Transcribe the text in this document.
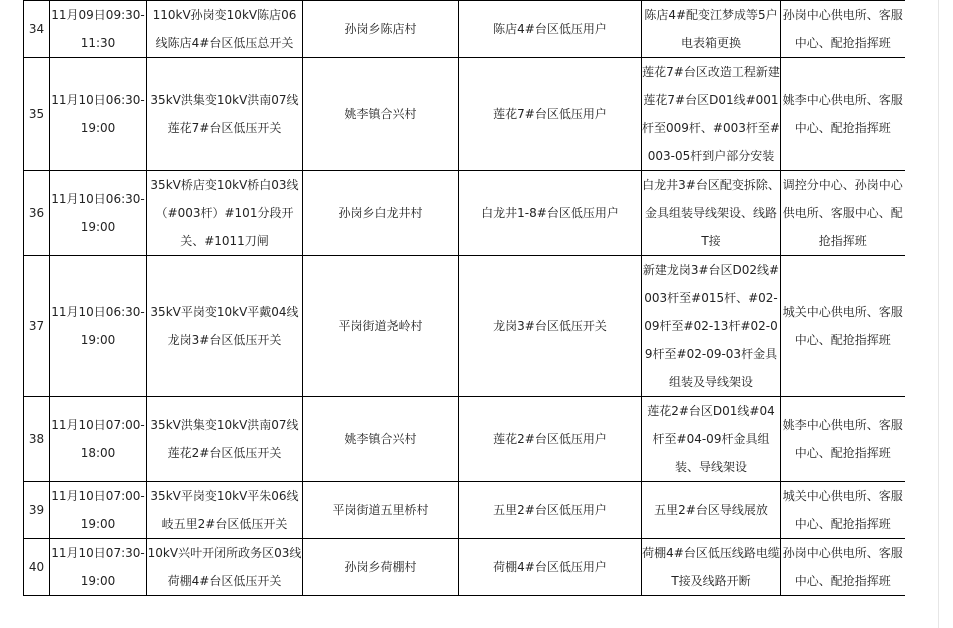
34	11月09日09:30-11:30	110kV孙岗变10kV陈店06线陈店4#台区低压总开关	孙岗乡陈店村	陈店4#台区低压用户	陈店4#配变江梦成等5户电表箱更换	孙岗中心供电所、客服中心、配抢指挥班
35	11月10日06:30-19:00	35kV洪集变10kV洪南07线莲花7#台区低压开关	姚李镇合兴村	莲花7#台区低压用户	莲花7#台区改造工程新建莲花7#台区D01线#001杆至009杆、#003杆至#003-05杆到户部分安装	姚李中心供电所、客服中心、配抢指挥班
36	11月10日06:30-19:00	35kV桥店变10kV桥白03线（#003杆）#101分段开关、#1011刀闸	孙岗乡白龙井村	白龙井1-8#台区低压用户	白龙井3#台区配变拆除、金具组装导线架设、线路T接	调控分中心、孙岗中心供电所、客服中心、配抢指挥班
37	11月10日06:30-19:00	35kV平岗变10kV平戴04线龙岗3#台区低压开关	平岗街道尧岭村	龙岗3#台区低压开关	新建龙岗3#台区D02线#003杆至#015杆、#02-09杆至#02-13杆#02-09杆至#02-09-03杆金具组装及导线架设	城关中心供电所、客服中心、配抢指挥班
38	11月10日07:00-18:00	35kV洪集变10kV洪南07线莲花2#台区低压开关	姚李镇合兴村	莲花2#台区低压用户	莲花2#台区D01线#04杆至#04-09杆金具组装、导线架设	姚李中心供电所、客服中心、配抢指挥班
39	11月10日07:00-19:00	35kV平岗变10kV平朱06线岐五里2#台区低压开关	平岗街道五里桥村	五里2#台区低压用户	五里2#台区导线展放	城关中心供电所、客服中心、配抢指挥班
40	11月10日07:30-19:00	10kV兴叶开闭所政务区03线荷棚4#台区低压开关	孙岗乡荷棚村	荷棚4#台区低压用户	荷棚4#台区低压线路电缆T接及线路开断	孙岗中心供电所、客服中心、配抢指挥班
